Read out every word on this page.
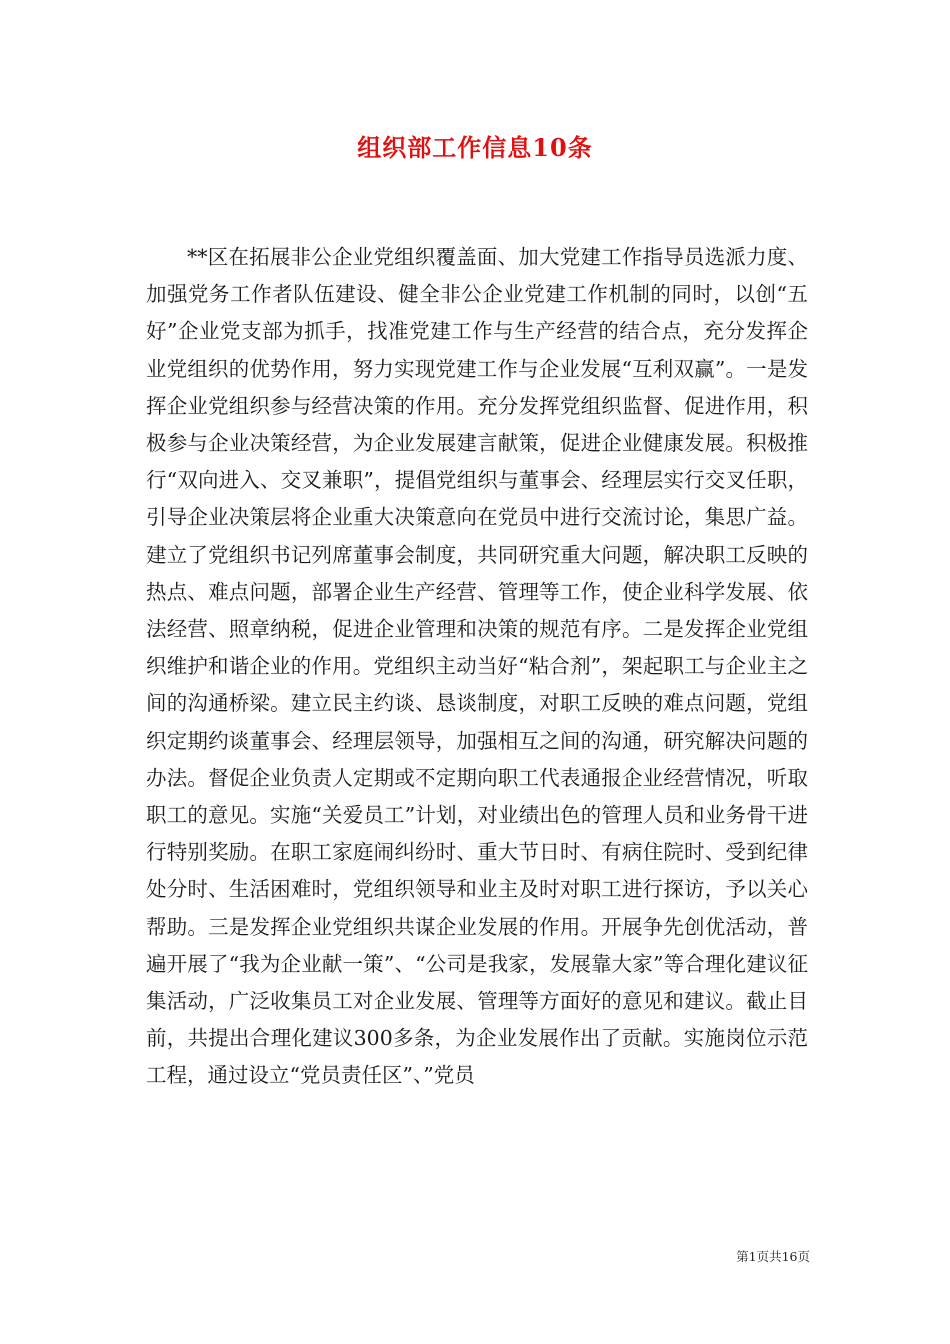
组织部工作信息10条

**区在拓展非公企业党组织覆盖面、加大党建工作指导员选派力度、加强党务工作者队伍建设、健全非公企业党建工作机制的同时，以创“五好”企业党支部为抓手，找准党建工作与生产经营的结合点，充分发挥企业党组织的优势作用，努力实现党建工作与企业发展“互利双赢”。一是发挥企业党组织参与经营决策的作用。充分发挥党组织监督、促进作用，积极参与企业决策经营，为企业发展建言献策，促进企业健康发展。积极推行“双向进入、交叉兼职”，提倡党组织与董事会、经理层实行交叉任职，引导企业决策层将企业重大决策意向在党员中进行交流讨论，集思广益。建立了党组织书记列席董事会制度，共同研究重大问题，解决职工反映的热点、难点问题，部署企业生产经营、管理等工作，使企业科学发展、依法经营、照章纳税，促进企业管理和决策的规范有序。二是发挥企业党组织维护和谐企业的作用。党组织主动当好“粘合剂”，架起职工与企业主之间的沟通桥梁。建立民主约谈、恳谈制度，对职工反映的难点问题，党组织定期约谈董事会、经理层领导，加强相互之间的沟通，研究解决问题的办法。督促企业负责人定期或不定期向职工代表通报企业经营情况，听取职工的意见。实施“关爱员工”计划，对业绩出色的管理人员和业务骨干进行特别奖励。在职工家庭闹纠纷时、重大节日时、有病住院时、受到纪律处分时、生活困难时，党组织领导和业主及时对职工进行探访，予以关心帮助。三是发挥企业党组织共谋企业发展的作用。开展争先创优活动，普遍开展了“我为企业献一策”、“公司是我家，发展靠大家”等合理化建议征集活动，广泛收集员工对企业发展、管理等方面好的意见和建议。截止目前，共提出合理化建议300多条，为企业发展作出了贡献。实施岗位示范工程，通过设立“党员责任区”、”党员

第1页共16页
